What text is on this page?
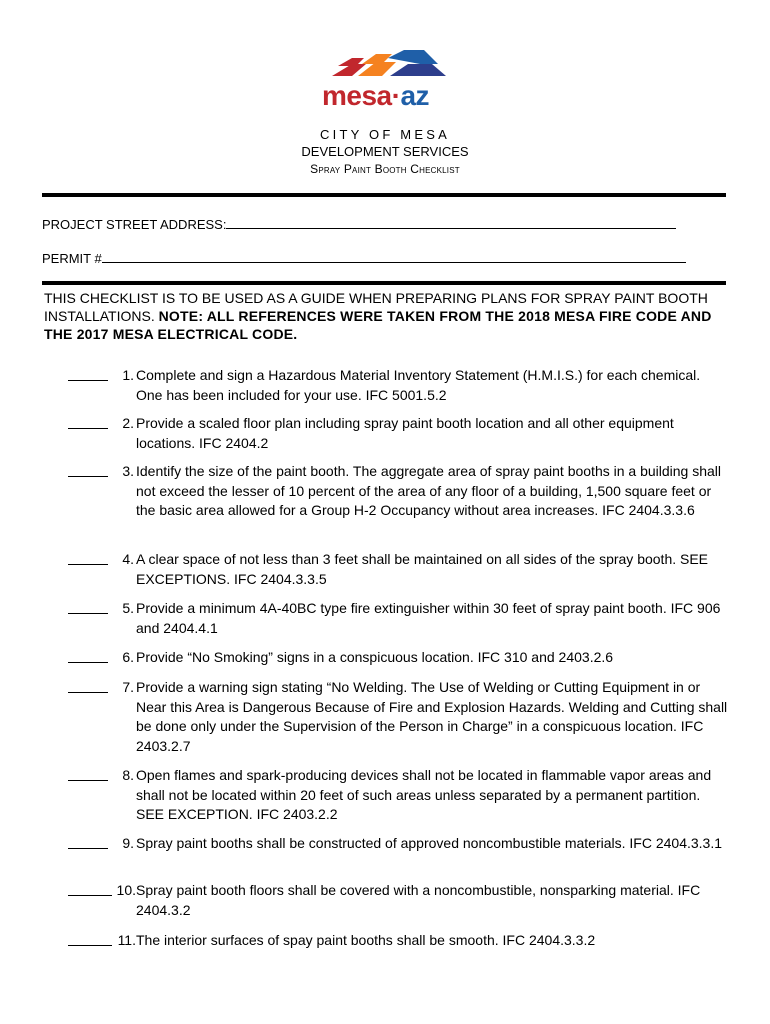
mesa·az
CITY OF MESA
DEVELOPMENT SERVICES
Spray Paint Booth Checklist
PROJECT STREET ADDRESS:
PERMIT #
THIS CHECKLIST IS TO BE USED AS A GUIDE WHEN PREPARING PLANS FOR SPRAY PAINT BOOTH INSTALLATIONS. NOTE: ALL REFERENCES WERE TAKEN FROM THE 2018 MESA FIRE CODE AND THE 2017 MESA ELECTRICAL CODE.
1. Complete and sign a Hazardous Material Inventory Statement (H.M.I.S.) for each chemical. One has been included for your use. IFC 5001.5.2
2. Provide a scaled floor plan including spray paint booth location and all other equipment locations. IFC 2404.2
3. Identify the size of the paint booth. The aggregate area of spray paint booths in a building shall not exceed the lesser of 10 percent of the area of any floor of a building, 1,500 square feet or the basic area allowed for a Group H-2 Occupancy without area increases. IFC 2404.3.3.6
4. A clear space of not less than 3 feet shall be maintained on all sides of the spray booth. SEE EXCEPTIONS. IFC 2404.3.3.5
5. Provide a minimum 4A-40BC type fire extinguisher within 30 feet of spray paint booth. IFC 906 and 2404.4.1
6. Provide “No Smoking” signs in a conspicuous location. IFC 310 and 2403.2.6
7. Provide a warning sign stating “No Welding. The Use of Welding or Cutting Equipment in or Near this Area is Dangerous Because of Fire and Explosion Hazards. Welding and Cutting shall be done only under the Supervision of the Person in Charge” in a conspicuous location. IFC 2403.2.7
8. Open flames and spark-producing devices shall not be located in flammable vapor areas and shall not be located within 20 feet of such areas unless separated by a permanent partition. SEE EXCEPTION. IFC 2403.2.2
9. Spray paint booths shall be constructed of approved noncombustible materials. IFC 2404.3.3.1
10. Spray paint booth floors shall be covered with a noncombustible, nonsparking material. IFC 2404.3.2
11. The interior surfaces of spay paint booths shall be smooth. IFC 2404.3.3.2
